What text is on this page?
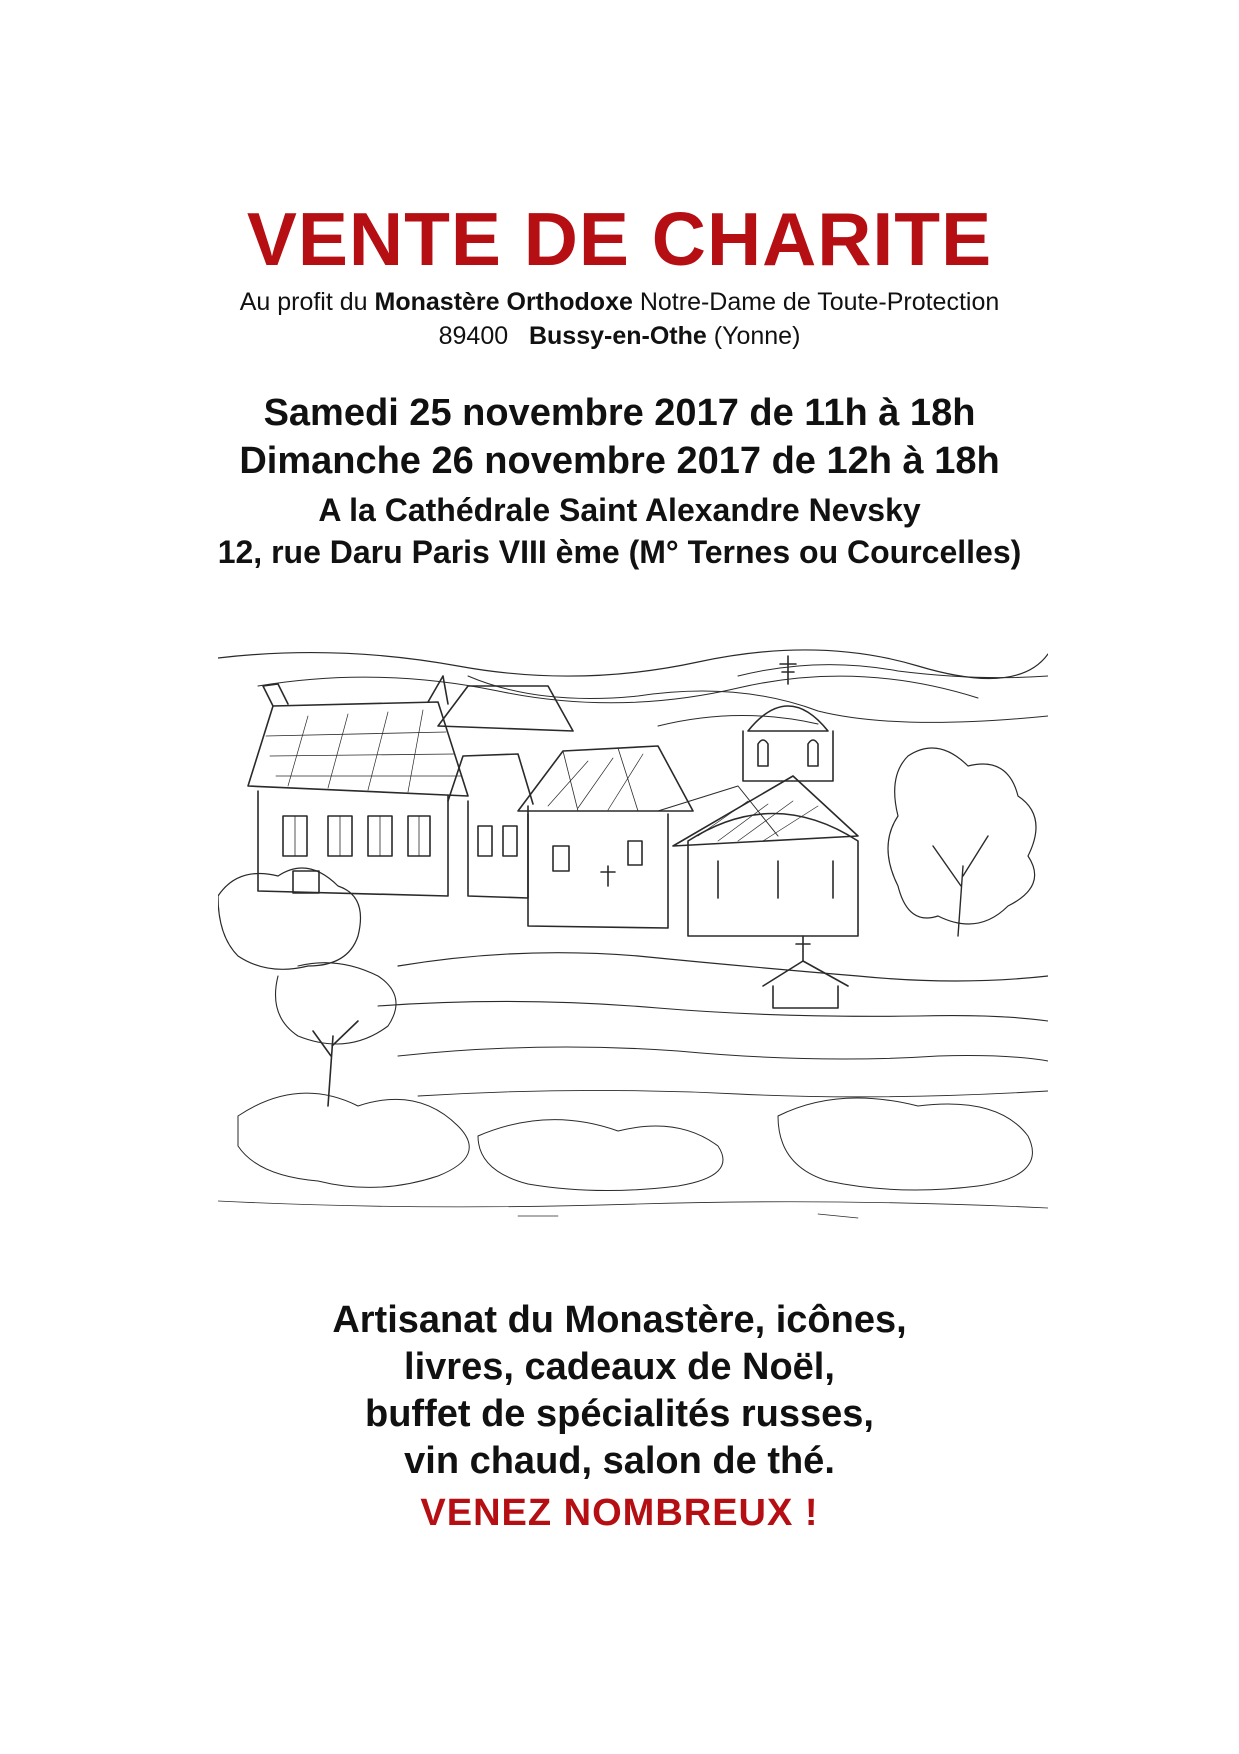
VENTE DE CHARITE

Au profit du Monastère Orthodoxe Notre-Dame de Toute-Protection

89400 Bussy-en-Othe (Yonne)

Samedi 25 novembre 2017 de 11h à 18h

Dimanche 26 novembre 2017 de 12h à 18h

A la Cathédrale Saint Alexandre Nevsky

12, rue Daru Paris VIII ème (M° Ternes ou Courcelles)

Artisanat du Monastère, icônes,

livres, cadeaux de Noël,

buffet de spécialités russes,

vin chaud, salon de thé.

VENEZ NOMBREUX !
